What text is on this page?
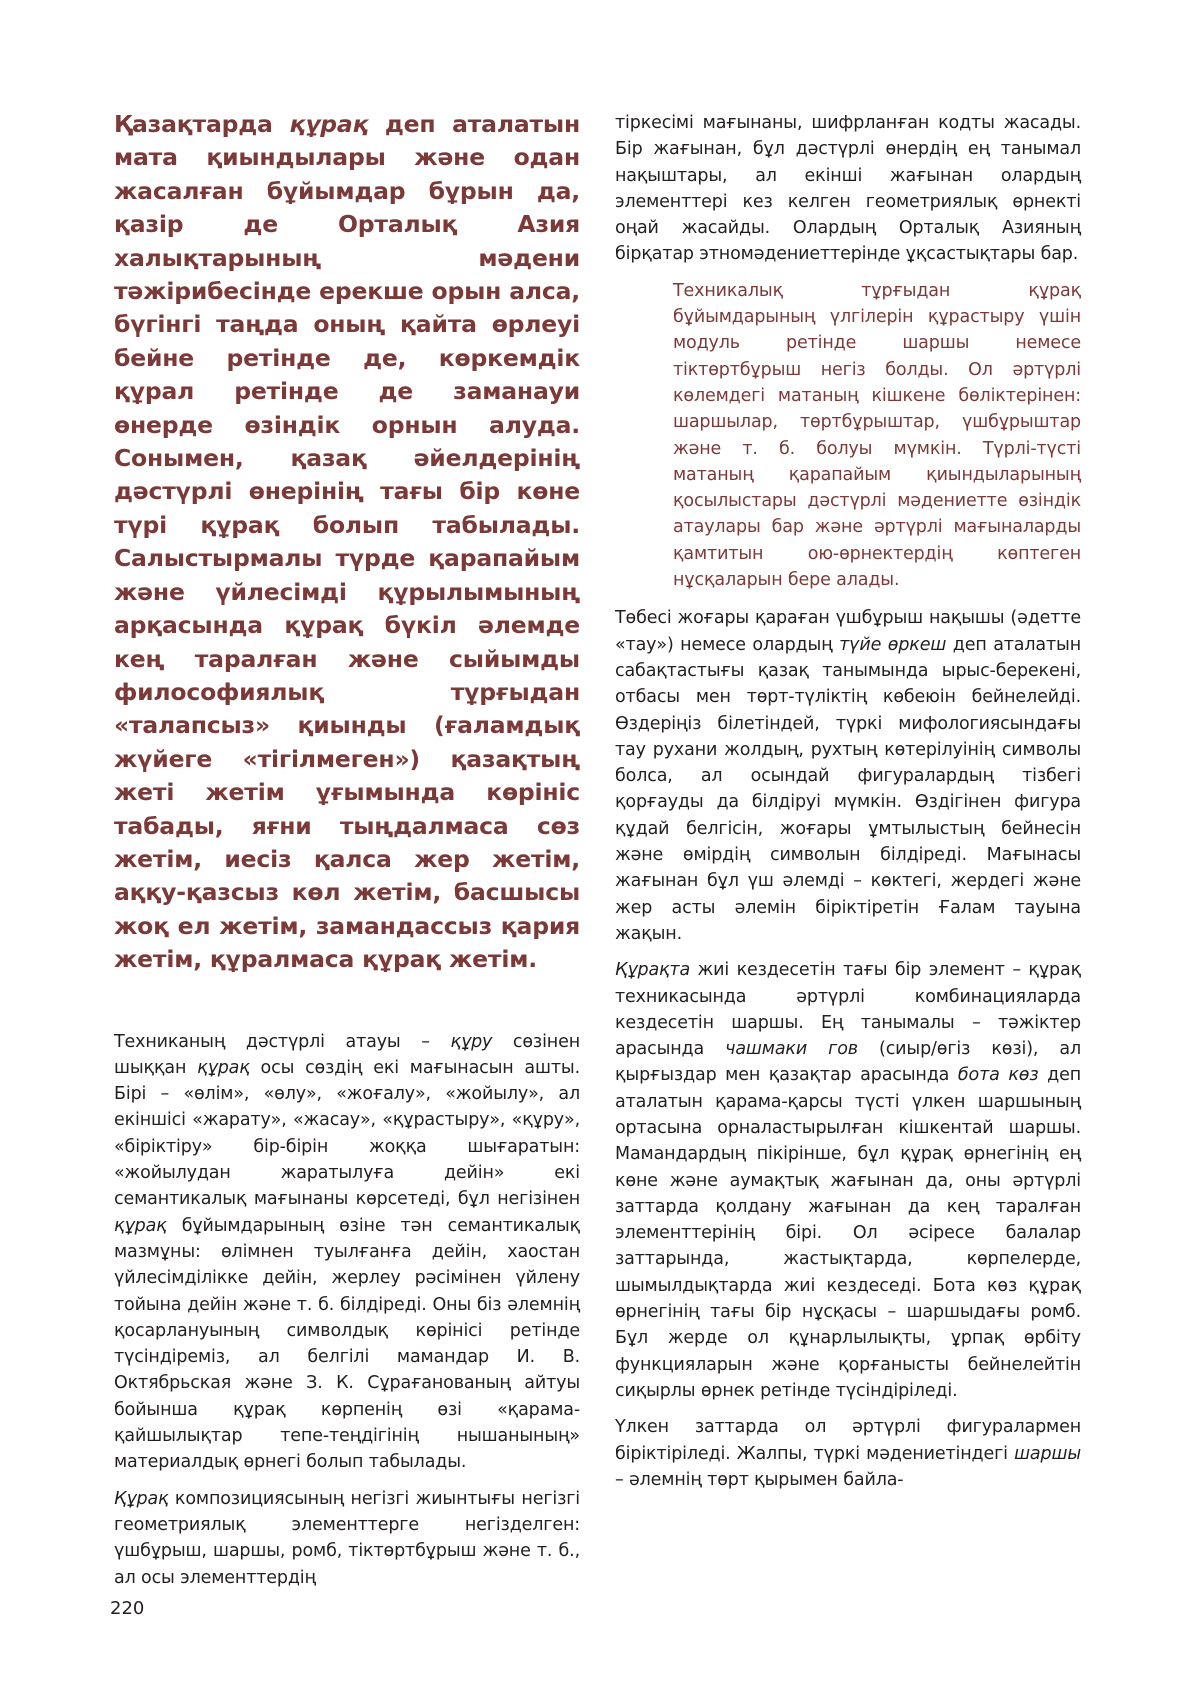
Қазақтарда құрақ деп аталатын мата қиындылары және одан жасалған бұйымдар бұрын да, қазір де Орталық Азия халықтарының мәдени тәжірибесінде ерекше орын алса, бүгінгі таңда оның қайта өрлеуі бейне ретінде де, көркемдік құрал ретінде де заманауи өнерде өзіндік орнын алуда. Сонымен, қазақ әйелдерінің дәстүрлі өнерінің тағы бір көне түрі құрақ болып табылады. Салыстырмалы түрде қарапайым және үйлесімді құрылымының арқасында құрақ бүкіл әлемде кең таралған және сыйымды философиялық тұрғыдан «талапсыз» қиынды (ғаламдық жүйеге «тігілмеген») қазақтың жеті жетім ұғымында көрініс табады, яғни тыңдалмаса сөз жетім, иесіз қалса жер жетім, аққу-қазсыз көл жетім, басшысы жоқ ел жетім, замандассыз қария жетім, құралмаса құрақ жетім.

Техниканың дәстүрлі атауы – құру сөзінен шыққан құрақ осы сөздің екі мағынасын ашты. Бірі – «өлім», «өлу», «жоғалу», «жойылу», ал екіншісі «жарату», «жасау», «құрастыру», «құру», «біріктіру» бір-бірін жоққа шығаратын: «жойылудан жаратылуға дейін» екі семантикалық мағынаны көрсетеді, бұл негізінен құрақ бұйымдарының өзіне тән семантикалық мазмұны: өлімнен туылғанға дейін, хаостан үйлесімділікке дейін, жерлеу рәсімінен үйлену тойына дейін және т. б. білдіреді. Оны біз әлемнің қосарлануының символдық көрінісі ретінде түсіндіреміз, ал белгілі мамандар И. В. Октябрьская және З. К. Сұрағанованың айтуы бойынша құрақ көрпенің өзі «қарама-қайшылықтар тепе-теңдігінің нышанының» материалдық өрнегі болып табылады.

Құрақ композициясының негізгі жиынтығы негізгі геометриялық элементтерге негізделген: үшбұрыш, шаршы, ромб, тіктөртбұрыш және т. б., ал осы элементтердің

тіркесімі мағынаны, шифрланған кодты жасады. Бір жағынан, бұл дәстүрлі өнердің ең танымал нақыштары, ал екінші жағынан олардың элементтері кез келген геометриялық өрнекті оңай жасайды. Олардың Орталық Азияның бірқатар этномәдениеттерінде ұқсастықтары бар.

Техникалық тұрғыдан құрақ бұйымдарының үлгілерін құрастыру үшін модуль ретінде шаршы немесе тіктөртбұрыш негіз болды. Ол әртүрлі көлемдегі матаның кішкене бөліктерінен: шаршылар, төртбұрыштар, үшбұрыштар және т. б. болуы мүмкін. Түрлі-түсті матаның қарапайым қиындыларының қосылыстары дәстүрлі мәдениетте өзіндік атаулары бар және әртүрлі мағыналарды қамтитын ою-өрнектердің көптеген нұсқаларын бере алады.

Төбесі жоғары қараған үшбұрыш нақышы (әдетте «тау») немесе олардың түйе өркеш деп аталатын сабақтастығы қазақ танымында ырыс-берекені, отбасы мен төрт-түліктің көбеюін бейнелейді. Өздеріңіз білетіндей, түркі мифологиясындағы тау рухани жолдың, рухтың көтерілуінің символы болса, ал осындай фигуралардың тізбегі қорғауды да білдіруі мүмкін. Өздігінен фигура құдай белгісін, жоғары ұмтылыстың бейнесін және өмірдің символын білдіреді. Мағынасы жағынан бұл үш әлемді – көктегі, жердегі және жер асты әлемін біріктіретін Ғалам тауына жақын.

Құрақта жиі кездесетін тағы бір элемент – құрақ техникасында әртүрлі комбинацияларда кездесетін шаршы. Ең танымалы – тәжіктер арасында чашмаки гов (сиыр/өгіз көзі), ал қырғыздар мен қазақтар арасында бота көз деп аталатын қарама-қарсы түсті үлкен шаршының ортасына орналастырылған кішкентай шаршы. Мамандардың пікірінше, бұл құрақ өрнегінің ең көне және аумақтық жағынан да, оны әртүрлі заттарда қолдану жағынан да кең таралған элементтерінің бірі. Ол әсіресе балалар заттарында, жастықтарда, көрпелерде, шымылдықтарда жиі кездеседі. Бота көз құрақ өрнегінің тағы бір нұсқасы – шаршыдағы ромб. Бұл жерде ол құнарлылықты, ұрпақ өрбіту функцияларын және қорғанысты бейнелейтін сиқырлы өрнек ретінде түсіндіріледі.

Үлкен заттарда ол әртүрлі фигуралармен біріктіріледі. Жалпы, түркі мәдениетіндегі шаршы – әлемнің төрт қырымен байла-

220
